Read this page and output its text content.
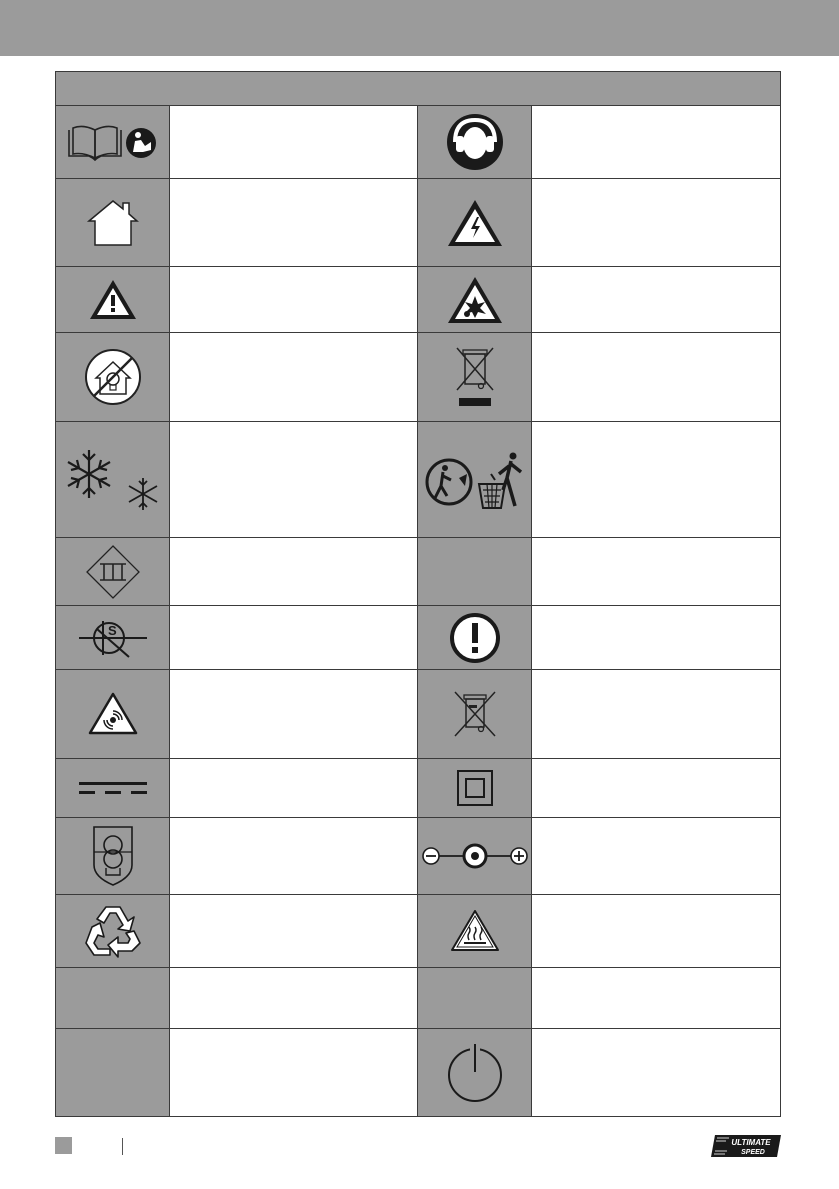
S
ULTIMATE
SPEED
